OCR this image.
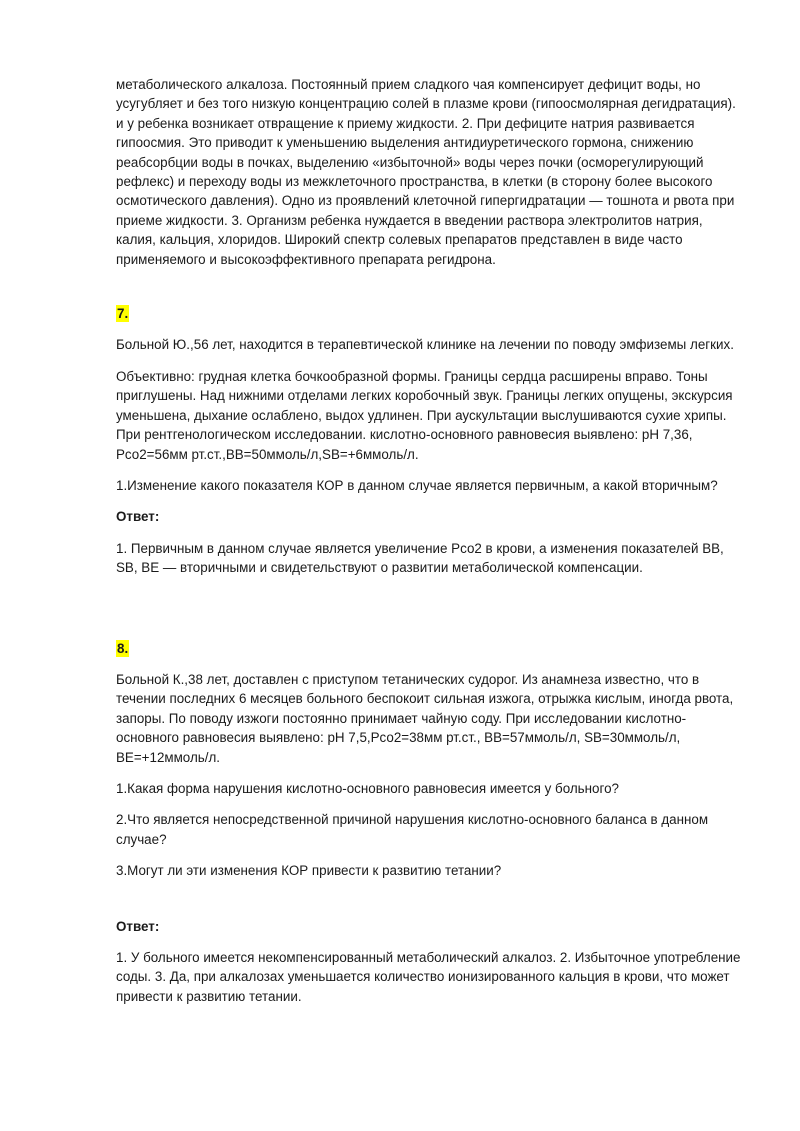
метаболического алкалоза. Постоянный прием сладкого чая компенсирует дефицит воды, но усугубляет и без того низкую концентрацию солей в плазме крови (гипоосмолярная дегидратация). и у ребенка возникает отвращение к приему жидкости. 2. При дефиците натрия развивается гипоосмия. Это приводит к уменьшению выделения антидиуретического гормона, снижению реабсорбции воды в почках, выделению «избыточной» воды через почки (осморегулирующий рефлекс) и переходу воды из межклеточного пространства, в клетки (в сторону более высокого осмотического давления). Одно из проявлений клеточной гипергидратации — тошнота и рвота при приеме жидкости. 3. Организм ребенка нуждается в введении раствора электролитов натрия, калия, кальция, хлоридов. Широкий спектр солевых препаратов представлен в виде часто применяемого и высокоэффективного препарата регидрона.

7.

Больной Ю.,56 лет, находится в терапевтической клинике на лечении по поводу эмфиземы легких.

Объективно: грудная клетка бочкообразной формы. Границы сердца расширены вправо. Тоны приглушены. Над нижними отделами легких коробочный звук. Границы легких опущены, экскурсия уменьшена, дыхание ослаблено, выдох удлинен. При аускультации выслушиваются сухие хрипы. При рентгенологическом исследовании. кислотно-основного равновесия выявлено: рН 7,36, Рсо2=56мм рт.ст.,ВВ=50ммоль/л,SB=+6ммоль/л.

1.Изменение какого показателя КОР в данном случае является первичным, а какой вторичным?

Ответ:

1. Первичным в данном случае является увеличение Рсо2 в крови, а изменения показателей ВВ, SB, BE — вторичными и свидетельствуют о развитии метаболической компенсации.

8.

Больной К.,38 лет, доставлен с приступом тетанических судорог. Из анамнеза известно, что в течении последних 6 месяцев больного беспокоит сильная изжога, отрыжка кислым, иногда рвота, запоры. По поводу изжоги постоянно принимает чайную соду. При исследовании кислотно-основного равновесия выявлено: рН 7,5,Рсо2=38мм рт.ст., ВВ=57ммоль/л, SB=30ммоль/л, ВЕ=+12ммоль/л.

1.Какая форма нарушения кислотно-основного равновесия имеется у больного?

2.Что является непосредственной причиной нарушения кислотно-основного баланса в данном случае?

3.Могут ли эти изменения КОР привести к развитию тетании?

Ответ:

1. У больного имеется некомпенсированный метаболический алкалоз. 2. Избыточное употребление соды. 3. Да, при алкалозах уменьшается количество ионизированного кальция в крови, что может привести к развитию тетании.
